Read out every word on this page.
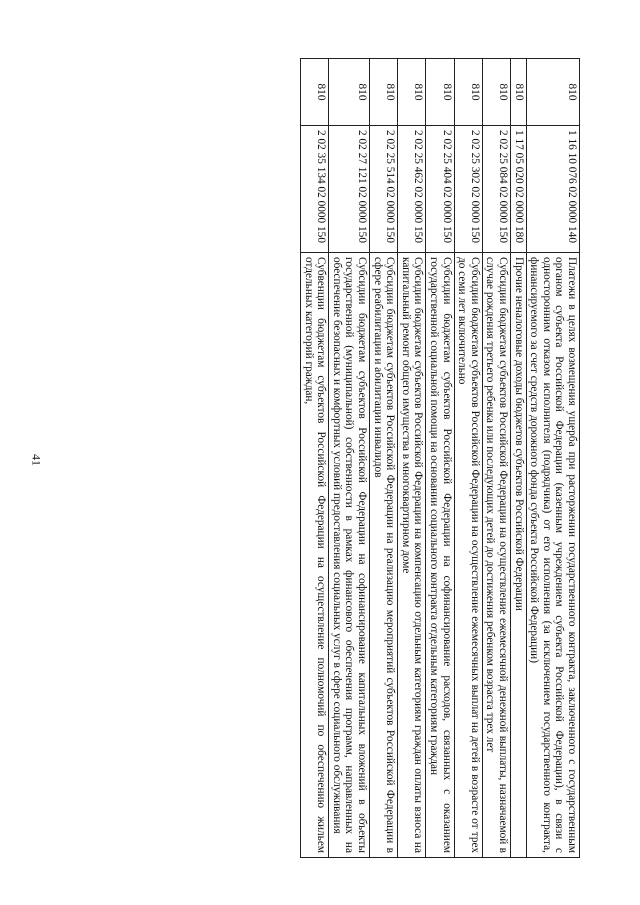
41
810	1 16 10 076 02 0000 140	Платежи в целях возмещения ущерба при расторжении государственного контракта, заключенного с государственным органом субъекта Российской Федерации (казенным учреждением субъекта Российской Федерации), в связи с односторонним отказом исполнителя (подрядчика) от его исполнения (за исключением государственного контракта, финансируемого за счет средств дорожного фонда субъекта Российской Федерации)
810	1 17 05 020 02 0000 180	Прочие неналоговые доходы бюджетов субъектов Российской Федерации
810	2 02 25 084 02 0000 150	Субсидии бюджетам субъектов Российской Федерации на осуществление ежемесячной денежной выплаты, назначаемой в случае рождения третьего ребенка или последующих детей до достижения ребенком возраста трех лет
810	2 02 25 302 02 0000 150	Субсидии бюджетам субъектов Российской Федерации на осуществление ежемесячных выплат на детей в возрасте от трех до семи лет включительно
810	2 02 25 404 02 0000 150	Субсидии бюджетам субъектов Российской Федерации на софинансирование расходов, связанных с оказанием государственной социальной помощи на основании социального контракта отдельным категориям граждан
810	2 02 25 462 02 0000 150	Субсидии бюджетам субъектов Российской Федерации на компенсацию отдельным категориям граждан оплаты взноса на капитальный ремонт общего имущества в многоквартирном доме
810	2 02 25 514 02 0000 150	Субсидии бюджетам субъектов Российской Федерации на реализацию мероприятий субъектов Российской Федерации в сфере реабилитации и абилитации инвалидов
810	2 02 27 121 02 0000 150	Субсидии бюджетам субъектов Российской Федерации на софинансирование капитальных вложений в объекты государственной (муниципальной) собственности в рамках финансового обеспечения программ, направленных на обеспечение безопасных и комфортных условий предоставления социальных услуг в сфере социального обслуживания
810	2 02 35 134 02 0000 150	Субвенции бюджетам субъектов Российской Федерации на осуществление полномочий по обеспечению жильем отдельных категорий граждан,
